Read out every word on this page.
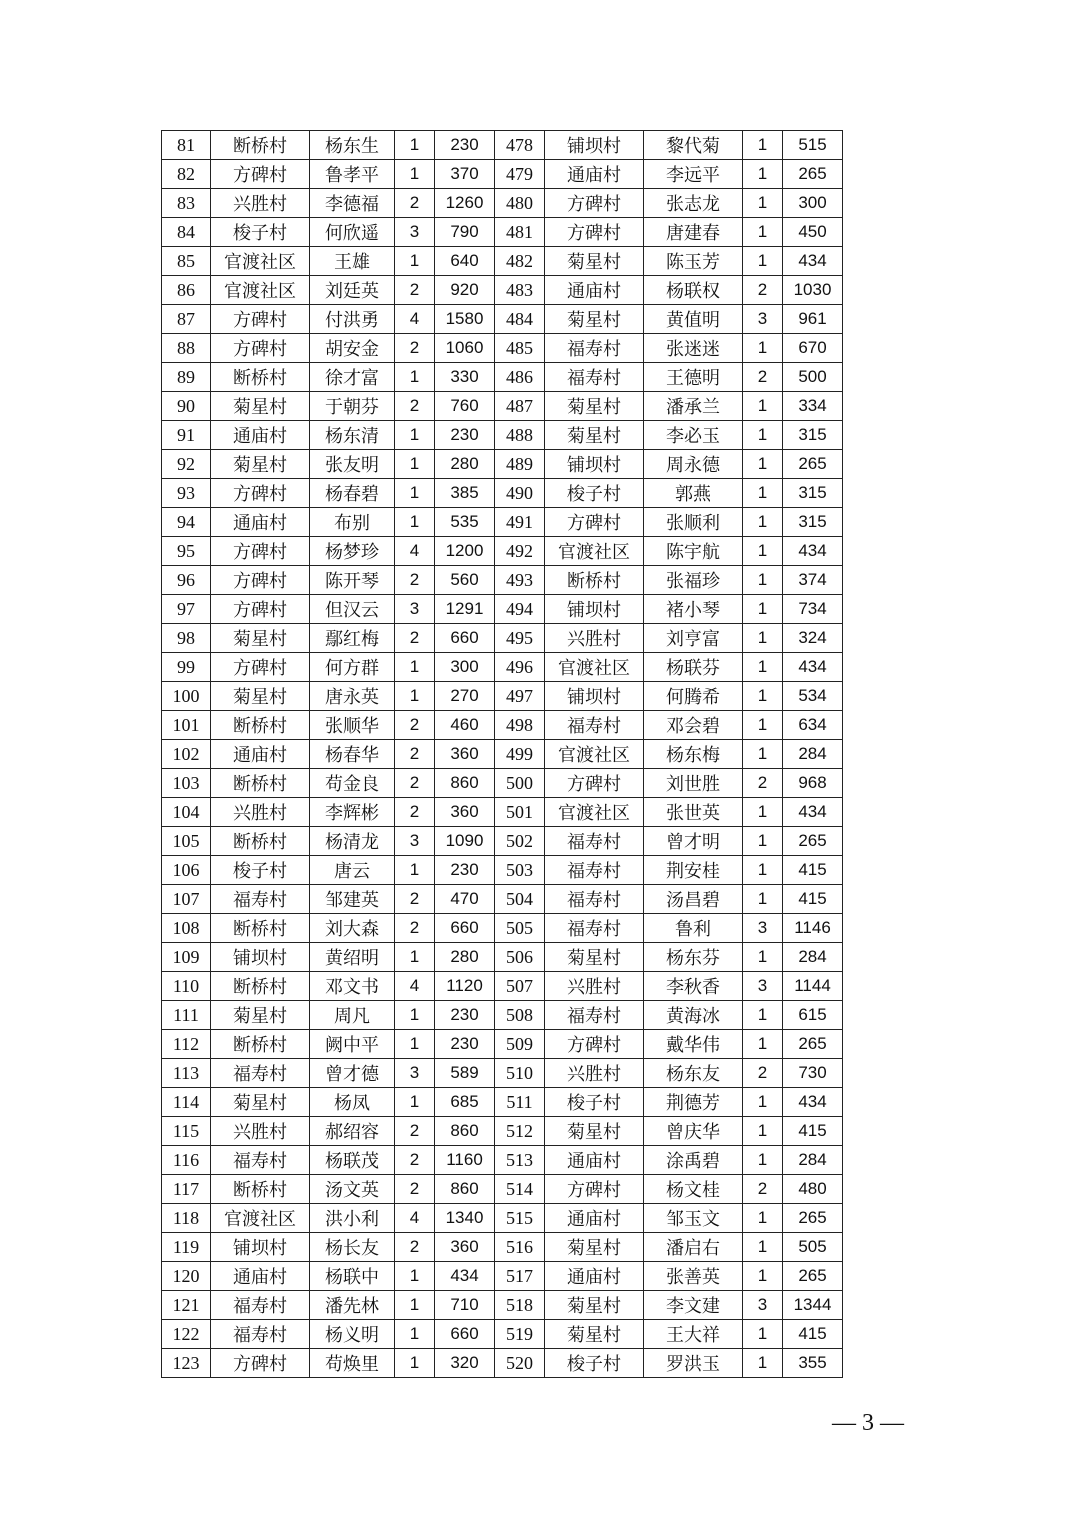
81	断桥村	杨东生	1	230	478	铺坝村	黎代菊	1	515
82	方碑村	鲁孝平	1	370	479	通庙村	李远平	1	265
83	兴胜村	李德福	2	1260	480	方碑村	张志龙	1	300
84	梭子村	何欣遥	3	790	481	方碑村	唐建春	1	450
85	官渡社区	王雄	1	640	482	菊星村	陈玉芳	1	434
86	官渡社区	刘廷英	2	920	483	通庙村	杨联权	2	1030
87	方碑村	付洪勇	4	1580	484	菊星村	黄值明	3	961
88	方碑村	胡安金	2	1060	485	福寿村	张迷迷	1	670
89	断桥村	徐才富	1	330	486	福寿村	王德明	2	500
90	菊星村	于朝芬	2	760	487	菊星村	潘承兰	1	334
91	通庙村	杨东清	1	230	488	菊星村	李必玉	1	315
92	菊星村	张友明	1	280	489	铺坝村	周永德	1	265
93	方碑村	杨春碧	1	385	490	梭子村	郭燕	1	315
94	通庙村	布别	1	535	491	方碑村	张顺利	1	315
95	方碑村	杨梦珍	4	1200	492	官渡社区	陈宇航	1	434
96	方碑村	陈开琴	2	560	493	断桥村	张福珍	1	374
97	方碑村	但汉云	3	1291	494	铺坝村	褚小琴	1	734
98	菊星村	鄢红梅	2	660	495	兴胜村	刘亨富	1	324
99	方碑村	何方群	1	300	496	官渡社区	杨联芬	1	434
100	菊星村	唐永英	1	270	497	铺坝村	何腾希	1	534
101	断桥村	张顺华	2	460	498	福寿村	邓会碧	1	634
102	通庙村	杨春华	2	360	499	官渡社区	杨东梅	1	284
103	断桥村	苟金良	2	860	500	方碑村	刘世胜	2	968
104	兴胜村	李辉彬	2	360	501	官渡社区	张世英	1	434
105	断桥村	杨清龙	3	1090	502	福寿村	曾才明	1	265
106	梭子村	唐云	1	230	503	福寿村	荆安桂	1	415
107	福寿村	邹建英	2	470	504	福寿村	汤昌碧	1	415
108	断桥村	刘大森	2	660	505	福寿村	鲁利	3	1146
109	铺坝村	黄绍明	1	280	506	菊星村	杨东芬	1	284
110	断桥村	邓文书	4	1120	507	兴胜村	李秋香	3	1144
111	菊星村	周凡	1	230	508	福寿村	黄海冰	1	615
112	断桥村	阙中平	1	230	509	方碑村	戴华伟	1	265
113	福寿村	曾才德	3	589	510	兴胜村	杨东友	2	730
114	菊星村	杨凤	1	685	511	梭子村	荆德芳	1	434
115	兴胜村	郝绍容	2	860	512	菊星村	曾庆华	1	415
116	福寿村	杨联茂	2	1160	513	通庙村	涂禹碧	1	284
117	断桥村	汤文英	2	860	514	方碑村	杨文桂	2	480
118	官渡社区	洪小利	4	1340	515	通庙村	邹玉文	1	265
119	铺坝村	杨长友	2	360	516	菊星村	潘启右	1	505
120	通庙村	杨联中	1	434	517	通庙村	张善英	1	265
121	福寿村	潘先林	1	710	518	菊星村	李文建	3	1344
122	福寿村	杨义明	1	660	519	菊星村	王大祥	1	415
123	方碑村	苟焕里	1	320	520	梭子村	罗洪玉	1	355
— 3 —
